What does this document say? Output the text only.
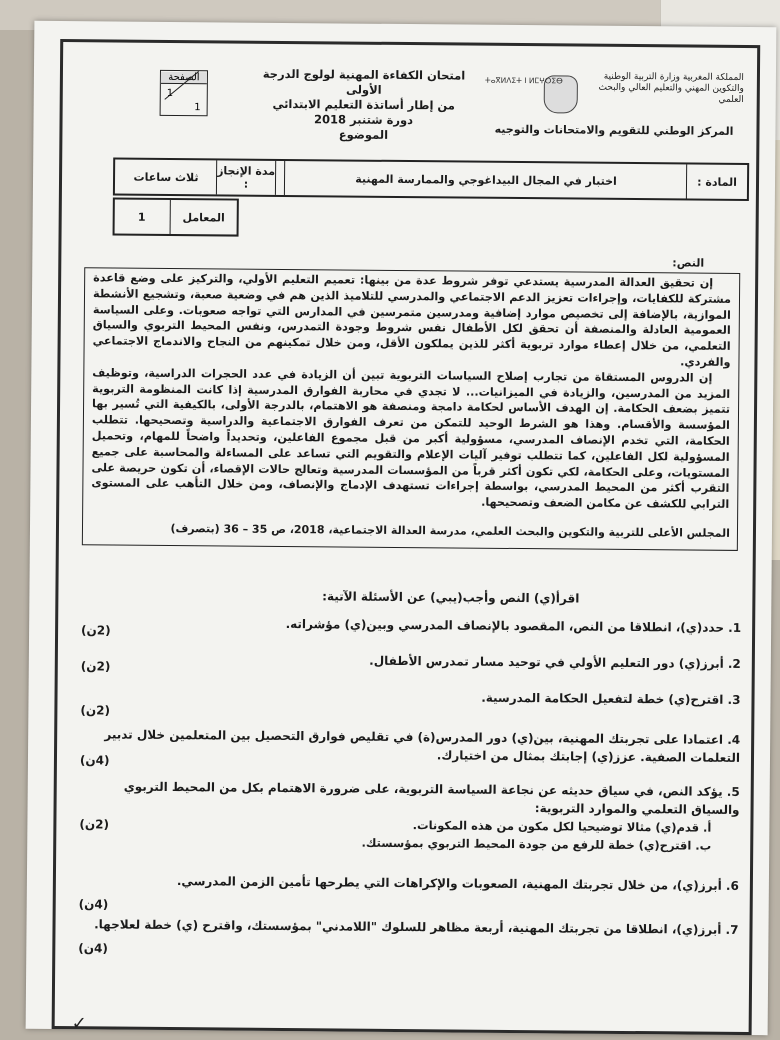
الصفحة
1
1
امتحان الكفاءة المهنية لولوج الدرجة الأولى
من إطار أساتذة التعليم الابتدائي
دورة شتنبر 2018
الموضوع
المملكة المغربية وزارة التربية الوطنية والتكوين المهني والتعليم العالي والبحث العلمي
ⵜⴰⴳⵍⴷⵉⵜ ⵏ ⵍⵎⵖⵔⵉⴱ
المركز الوطني للتقويم والامتحانات والتوجيه
المادة :
اختبار في المجال البيداغوجي والممارسة المهنية
مدة الإنجاز :
ثلاث ساعات
المعامل
1
النص:

إن تحقيق العدالة المدرسية يستدعي توفر شروط عدة من بينها: تعميم التعليم الأولي، والتركيز على وضع قاعدة مشتركة للكفايات، وإجراءات تعزيز الدعم الاجتماعي والمدرسي للتلاميذ الذين هم في وضعية صعبة، وتشجيع الأنشطة الموازية، بالإضافة إلى تخصيص موارد إضافية ومدرسين متمرسين في المدارس التي تواجه صعوبات. وعلى السياسة العمومية العادلة والمنصفة أن تحقق لكل الأطفال نفس شروط وجودة التمدرس، ونفس المحيط التربوي والسياق التعلمي، من خلال إعطاء موارد تربوية أكثر للذين يملكون الأقل، ومن خلال تمكينهم من النجاح والاندماج الاجتماعي والفردي.

إن الدروس المستقاة من تجارب إصلاح السياسات التربوية تبين أن الزيادة في عدد الحجرات الدراسية، وتوظيف المزيد من المدرسين، والزيادة في الميزانيات... لا تجدي في محاربة الفوارق المدرسية إذا كانت المنظومة التربوية تتميز بضعف الحكامة. إن الهدف الأساس لحكامة دامجة ومنصفة هو الاهتمام، بالدرجة الأولى، بالكيفية التي تُسير بها المؤسسة والأقسام. وهذا هو الشرط الوحيد للتمكن من تعرف الفوارق الاجتماعية والدراسية وتصحيحها. تتطلب الحكامة، التي تخدم الإنصاف المدرسي، مسؤولية أكبر من قبل مجموع الفاعلين، وتحديداً واضحاً للمهام، وتحميل المسؤولية لكل الفاعلين، كما تتطلب توفير آليات الإعلام والتقويم التي تساعد على المساءلة والمحاسبة على جميع المستويات، وعلى الحكامة، لكي تكون أكثر قرباً من المؤسسات المدرسية وتعالج حالات الإقصاء، أن تكون حريصة على التقرب أكثر من المحيط المدرسي، بواسطة إجراءات تستهدف الإدماج والإنصاف، ومن خلال التأهب على المستوى الترابي للكشف عن مكامن الضعف وتصحيحها.

المجلس الأعلى للتربية والتكوين والبحث العلمي، مدرسة العدالة الاجتماعية، 2018، ص 35 – 36 (بتصرف)
اقرأ(ي) النص وأجب(يبي) عن الأسئلة الآتية:
1. حدد(ي)، انطلاقا من النص، المقصود بالإنصاف المدرسي وبين(ي) مؤشراته.
(2ن)
2. أبرز(ي) دور التعليم الأولي في توحيد مسار تمدرس الأطفال.
(2ن)
3. اقترح(ي) خطة لتفعيل الحكامة المدرسية.
(2ن)
4. اعتمادا على تجربتك المهنية، بين(ي) دور المدرس(ة) في تقليص فوارق التحصيل بين المتعلمين خلال تدبير التعلمات الصفية. عزز(ي) إجابتك بمثال من اختيارك.
(4ن)
5. يؤكد النص، في سياق حديثه عن نجاعة السياسة التربوية، على ضرورة الاهتمام بكل من المحيط التربوي والسياق التعلمي والموارد التربوية:
(2ن)	أ. قدم(ي) مثالا توضيحيا لكل مكون من هذه المكونات.
ب. اقترح(ي) خطة للرفع من جودة المحيط التربوي بمؤسستك.
6. أبرز(ي)، من خلال تجربتك المهنية، الصعوبات والإكراهات التي يطرحها تأمين الزمن المدرسي.
(4ن)
7. أبرز(ي)، انطلاقا من تجربتك المهنية، أربعة مظاهر للسلوك "اللامدني" بمؤسستك، واقترح (ي) خطة لعلاجها.
(4ن)
✓
